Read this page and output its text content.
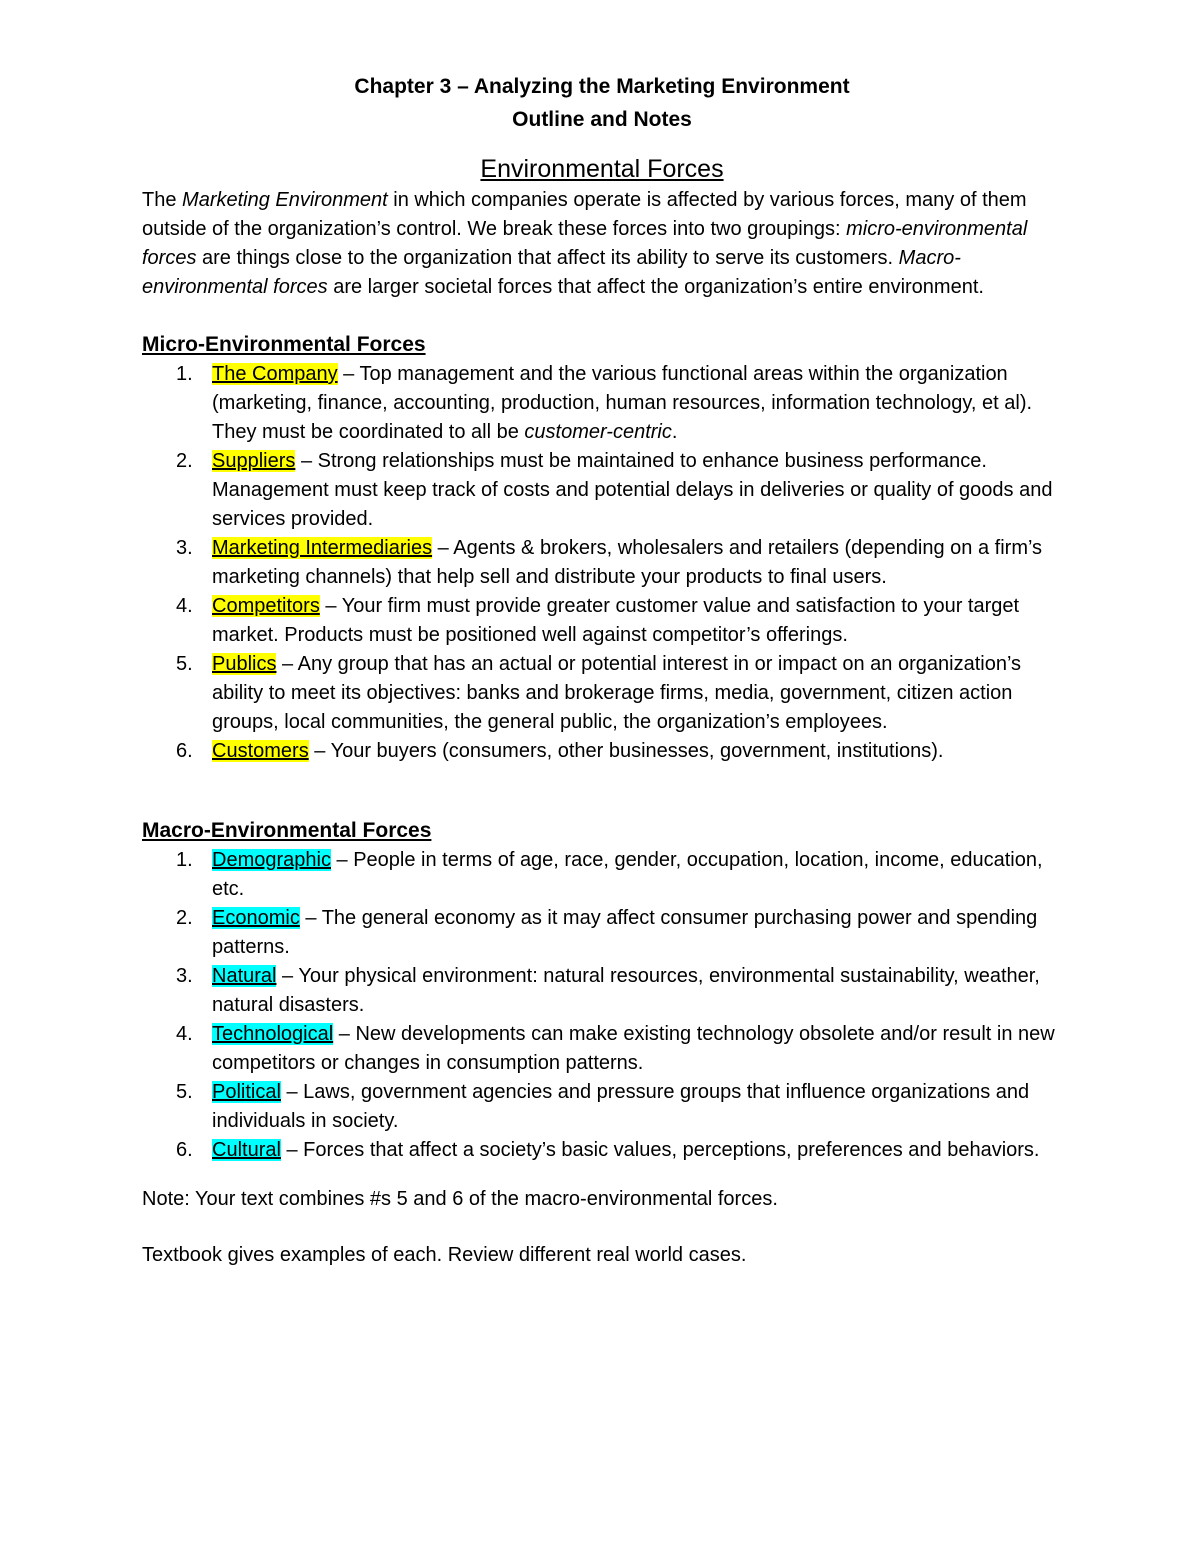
Chapter 3 – Analyzing the Marketing Environment

Outline and Notes

Environmental Forces

The Marketing Environment in which companies operate is affected by various forces, many of them outside of the organization’s control. We break these forces into two groupings: micro-environmental forces are things close to the organization that affect its ability to serve its customers. Macro-environmental forces are larger societal forces that affect the organization’s entire environment.

Micro-Environmental Forces
1. The Company – Top management and the various functional areas within the organization (marketing, finance, accounting, production, human resources, information technology, et al). They must be coordinated to all be customer-centric.
2. Suppliers – Strong relationships must be maintained to enhance business performance. Management must keep track of costs and potential delays in deliveries or quality of goods and services provided.
3. Marketing Intermediaries – Agents & brokers, wholesalers and retailers (depending on a firm’s marketing channels) that help sell and distribute your products to final users.
4. Competitors – Your firm must provide greater customer value and satisfaction to your target market. Products must be positioned well against competitor’s offerings.
5. Publics – Any group that has an actual or potential interest in or impact on an organization’s ability to meet its objectives: banks and brokerage firms, media, government, citizen action groups, local communities, the general public, the organization’s employees.
6. Customers – Your buyers (consumers, other businesses, government, institutions).
Macro-Environmental Forces
1. Demographic – People in terms of age, race, gender, occupation, location, income, education, etc.
2. Economic – The general economy as it may affect consumer purchasing power and spending patterns.
3. Natural – Your physical environment: natural resources, environmental sustainability, weather, natural disasters.
4. Technological – New developments can make existing technology obsolete and/or result in new competitors or changes in consumption patterns.
5. Political – Laws, government agencies and pressure groups that influence organizations and individuals in society.
6. Cultural – Forces that affect a society’s basic values, perceptions, preferences and behaviors.

Note: Your text combines #s 5 and 6 of the macro-environmental forces.

Textbook gives examples of each. Review different real world cases.
